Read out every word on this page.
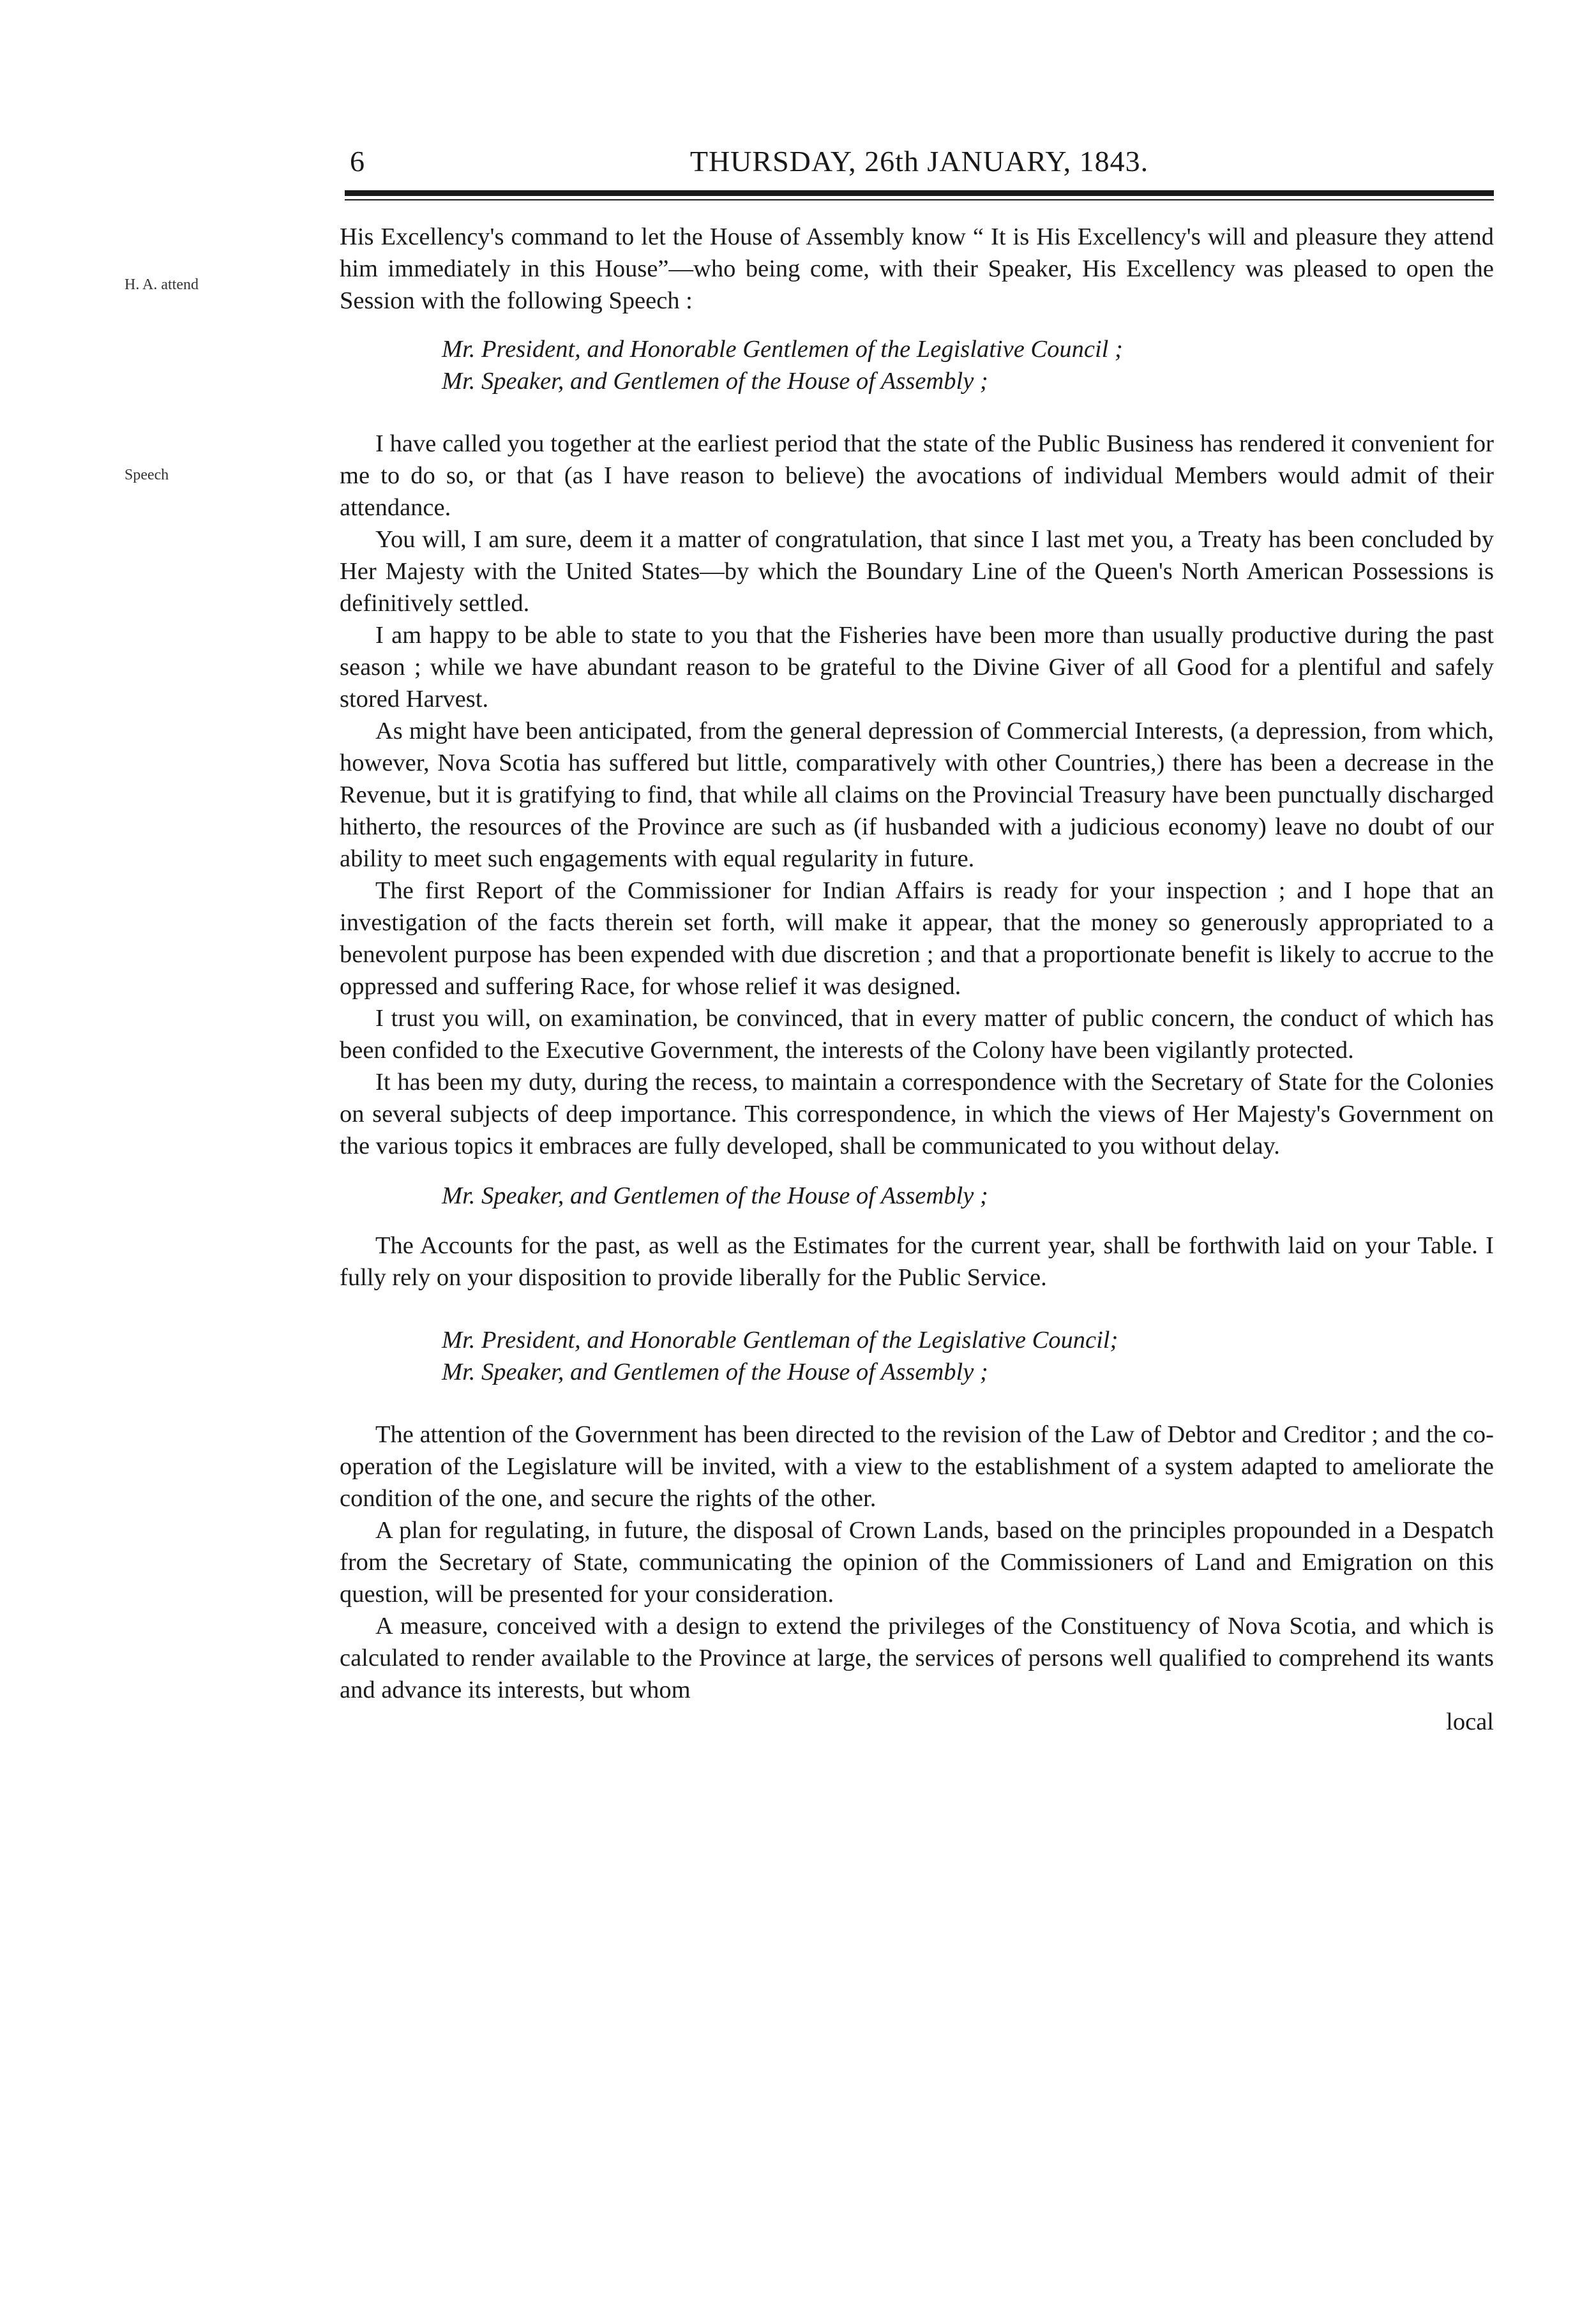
6	THURSDAY, 26th JANUARY, 1843.
H. A. attend
Speech

His Excellency's command to let the House of Assembly know “ It is His Excellency's will and pleasure they attend him immediately in this House”—who being come, with their Speaker, His Excellency was pleased to open the Session with the following Speech :

Mr. President, and Honorable Gentlemen of the Legislative Council ;

Mr. Speaker, and Gentlemen of the House of Assembly ;

I have called you together at the earliest period that the state of the Public Business has rendered it convenient for me to do so, or that (as I have reason to believe) the avocations of individual Members would admit of their attendance.

You will, I am sure, deem it a matter of congratulation, that since I last met you, a Treaty has been concluded by Her Majesty with the United States—by which the Boundary Line of the Queen's North American Possessions is definitively settled.

I am happy to be able to state to you that the Fisheries have been more than usually productive during the past season ; while we have abundant reason to be grateful to the Divine Giver of all Good for a plentiful and safely stored Harvest.

As might have been anticipated, from the general depression of Commercial Interests, (a depression, from which, however, Nova Scotia has suffered but little, comparatively with other Countries,) there has been a decrease in the Revenue, but it is gratifying to find, that while all claims on the Provincial Treasury have been punctually discharged hitherto, the resources of the Province are such as (if husbanded with a judicious economy) leave no doubt of our ability to meet such engagements with equal regularity in future.

The first Report of the Commissioner for Indian Affairs is ready for your inspection ; and I hope that an investigation of the facts therein set forth, will make it appear, that the money so generously appropriated to a benevolent purpose has been expended with due discretion ; and that a proportionate benefit is likely to accrue to the oppressed and suffering Race, for whose relief it was designed.

I trust you will, on examination, be convinced, that in every matter of public concern, the conduct of which has been confided to the Executive Government, the interests of the Colony have been vigilantly protected.

It has been my duty, during the recess, to maintain a correspondence with the Secretary of State for the Colonies on several subjects of deep importance. This correspondence, in which the views of Her Majesty's Government on the various topics it embraces are fully developed, shall be communicated to you without delay.

Mr. Speaker, and Gentlemen of the House of Assembly ;

The Accounts for the past, as well as the Estimates for the current year, shall be forthwith laid on your Table. I fully rely on your disposition to provide liberally for the Public Service.

Mr. President, and Honorable Gentleman of the Legislative Council;

Mr. Speaker, and Gentlemen of the House of Assembly ;

The attention of the Government has been directed to the revision of the Law of Debtor and Creditor ; and the co-operation of the Legislature will be invited, with a view to the establishment of a system adapted to ameliorate the condition of the one, and secure the rights of the other.

A plan for regulating, in future, the disposal of Crown Lands, based on the principles propounded in a Despatch from the Secretary of State, communicating the opinion of the Commissioners of Land and Emigration on this question, will be presented for your consideration.

A measure, conceived with a design to extend the privileges of the Constituency of Nova Scotia, and which is calculated to render available to the Province at large, the services of persons well qualified to comprehend its wants and advance its interests, but whom

local
